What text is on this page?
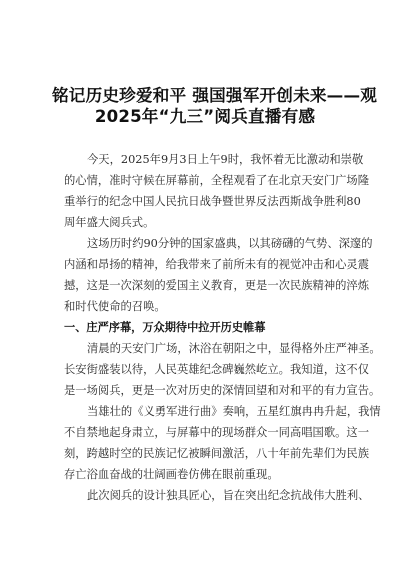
铭记历史珍爱和平 强国强军开创未来——观
2025年“九三”阅兵直播有感
今天，2025年9月3日上午9时，我怀着无比激动和崇敬
的心情，准时守候在屏幕前，全程观看了在北京天安门广场隆
重举行的纪念中国人民抗日战争暨世界反法西斯战争胜利80
周年盛大阅兵式。
这场历时约90分钟的国家盛典，以其磅礴的气势、深邃的
内涵和昂扬的精神，给我带来了前所未有的视觉冲击和心灵震
撼，这是一次深刻的爱国主义教育，更是一次民族精神的淬炼
和时代使命的召唤。
一、庄严序幕，万众期待中拉开历史帷幕
清晨的天安门广场，沐浴在朝阳之中，显得格外庄严神圣。
长安街盛装以待，人民英雄纪念碑巍然屹立。我知道，这不仅
是一场阅兵，更是一次对历史的深情回望和对和平的有力宣告。
当雄壮的《义勇军进行曲》奏响，五星红旗冉冉升起，我情
不自禁地起身肃立，与屏幕中的现场群众一同高唱国歌。这一
刻，跨越时空的民族记忆被瞬间激活，八十年前先辈们为民族
存亡浴血奋战的壮阔画卷仿佛在眼前重现。
此次阅兵的设计独具匠心，旨在突出纪念抗战伟大胜利、
